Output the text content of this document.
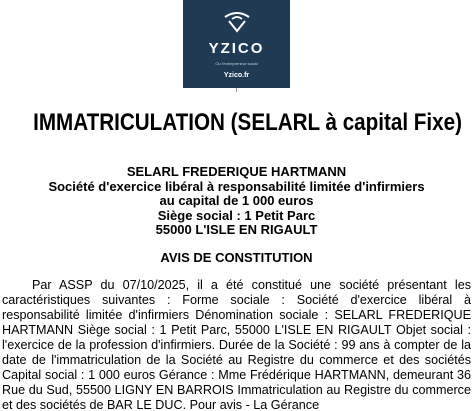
YZICO
Ou l'entrepreneur social
Yzico.fr
IMMATRICULATION (SELARL à capital Fixe)
SELARL FREDERIQUE HARTMANN
Société d'exercice libéral à responsabilité limitée d'infirmiers
au capital de 1 000 euros
Siège social : 1 Petit Parc
55000 L'ISLE EN RIGAULT
AVIS DE CONSTITUTION
Par ASSP du 07/10/2025, il a été constitué une société présentant les caractéristiques suivantes : Forme sociale : Société d'exercice libéral à responsabilité limitée d'infirmiers Dénomination sociale : SELARL FREDERIQUE HARTMANN Siège social : 1 Petit Parc, 55000 L'ISLE EN RIGAULT Objet social : l'exercice de la profession d'infirmiers. Durée de la Société : 99 ans à compter de la date de l'immatriculation de la Société au Registre du commerce et des sociétés Capital social : 1 000 euros Gérance : Mme Frédérique HARTMANN, demeurant 36 Rue du Sud, 55500 LIGNY EN BARROIS Immatriculation au Registre du commerce et des sociétés de BAR LE DUC. Pour avis - La Gérance
